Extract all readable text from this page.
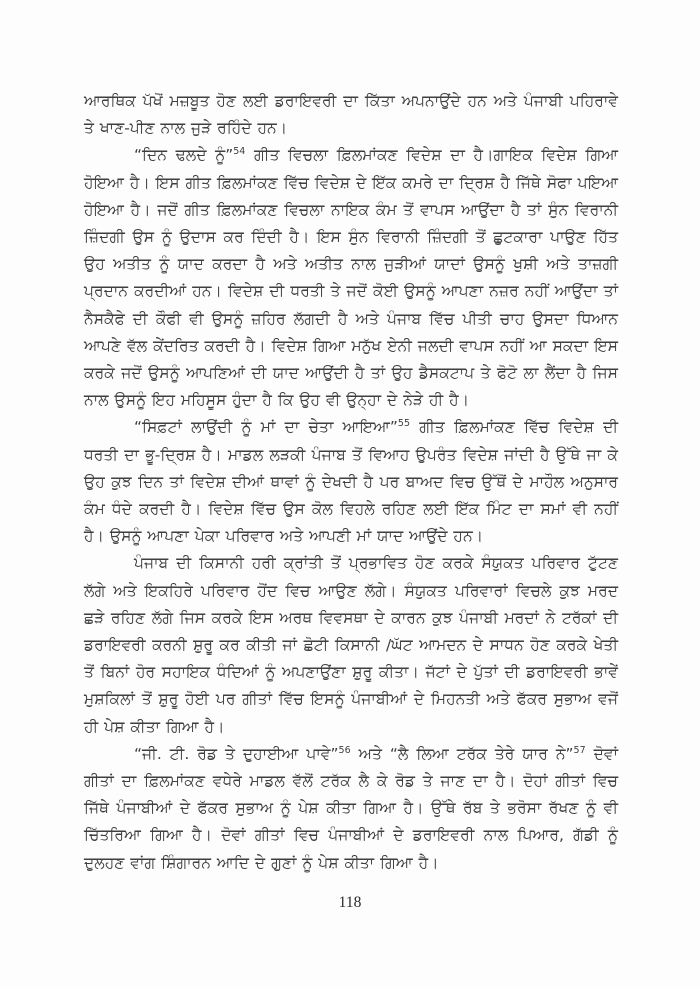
ਆਰਥਿਕ ਪੱਖੋਂ ਮਜ਼ਬੂਤ ਹੋਣ ਲਈ ਡਰਾਇਵਰੀ ਦਾ ਕਿੱਤਾ ਅਪਨਾਉਂਦੇ ਹਨ ਅਤੇ ਪੰਜਾਬੀ ਪਹਿਰਾਵੇ ਤੇ ਖਾਣ-ਪੀਣ ਨਾਲ ਜੁੜੇ ਰਹਿੰਦੇ ਹਨ।

“ਦਿਨ ਢਲਦੇ ਨੂੰ”$^{54}$ ਗੀਤ ਵਿਚਲਾ ਫ਼ਿਲਮਾਂਕਣ ਵਿਦੇਸ਼ ਦਾ ਹੈ।ਗਾਇਕ ਵਿਦੇਸ਼ ਗਿਆ ਹੋਇਆ ਹੈ। ਇਸ ਗੀਤ ਫ਼ਿਲਮਾਂਕਣ ਵਿੱਚ ਵਿਦੇਸ਼ ਦੇ ਇੱਕ ਕਮਰੇ ਦਾ ਦ੍ਰਿਸ਼ ਹੈ ਜਿੱਥੇ ਸੋਫਾ ਪਇਆ ਹੋਇਆ ਹੈ। ਜਦੋਂ ਗੀਤ ਫ਼ਿਲਮਾਂਕਣ ਵਿਚਲਾ ਨਾਇਕ ਕੰਮ ਤੋਂ ਵਾਪਸ ਆਉਂਦਾ ਹੈ ਤਾਂ ਸੁੰਨ ਵਿਰਾਨੀ ਜ਼ਿੰਦਗੀ ਉਸ ਨੂੰ ਉਦਾਸ ਕਰ ਦਿੰਦੀ ਹੈ। ਇਸ ਸੁੰਨ ਵਿਰਾਨੀ ਜ਼ਿੰਦਗੀ ਤੋਂ ਛੁਟਕਾਰਾ ਪਾਉਣ ਹਿੱਤ ਉਹ ਅਤੀਤ ਨੂੰ ਯਾਦ ਕਰਦਾ ਹੈ ਅਤੇ ਅਤੀਤ ਨਾਲ ਜੁੜੀਆਂ ਯਾਦਾਂ ਉਸਨੂੰ ਖੁਸ਼ੀ ਅਤੇ ਤਾਜ਼ਗੀ ਪ੍ਰਦਾਨ ਕਰਦੀਆਂ ਹਨ। ਵਿਦੇਸ਼ ਦੀ ਧਰਤੀ ਤੇ ਜਦੋਂ ਕੋਈ ਉਸਨੂੰ ਆਪਣਾ ਨਜ਼ਰ ਨਹੀਂ ਆਉਂਦਾ ਤਾਂ ਨੈਸਕੈਫੇ ਦੀ ਕੌਫੀ ਵੀ ਉਸਨੂੰ ਜ਼ਹਿਰ ਲੱਗਦੀ ਹੈ ਅਤੇ ਪੰਜਾਬ ਵਿੱਚ ਪੀਤੀ ਚਾਹ ਉਸਦਾ ਧਿਆਨ ਆਪਣੇ ਵੱਲ ਕੇਂਦਰਿਤ ਕਰਦੀ ਹੈ। ਵਿਦੇਸ਼ ਗਿਆ ਮਨੁੱਖ ਏਨੀ ਜਲਦੀ ਵਾਪਸ ਨਹੀਂ ਆ ਸਕਦਾ ਇਸ ਕਰਕੇ ਜਦੋਂ ਉਸਨੂੰ ਆਪਣਿਆਂ ਦੀ ਯਾਦ ਆਉਂਦੀ ਹੈ ਤਾਂ ਉਹ ਡੈਸਕਟਾਪ ਤੇ ਫੋਟੋ ਲਾ ਲੈਂਦਾ ਹੈ ਜਿਸ ਨਾਲ ਉਸਨੂੰ ਇਹ ਮਹਿਸੂਸ ਹੁੰਦਾ ਹੈ ਕਿ ਉਹ ਵੀ ਉਨ੍ਹਾ ਦੇ ਨੇੜੇ ਹੀ ਹੈ।

“ਸਿਫ਼ਟਾਂ ਲਾਉਂਦੀ ਨੂੰ ਮਾਂ ਦਾ ਚੇਤਾ ਆਇਆ”$^{55}$ ਗੀਤ ਫ਼ਿਲਮਾਂਕਣ ਵਿੱਚ ਵਿਦੇਸ਼ ਦੀ ਧਰਤੀ ਦਾ ਭੂ-ਦ੍ਰਿਸ਼ ਹੈ। ਮਾਡਲ ਲੜਕੀ ਪੰਜਾਬ ਤੋਂ ਵਿਆਹ ਉਪਰੰਤ ਵਿਦੇਸ਼ ਜਾਂਦੀ ਹੈ ਉੱਥੇ ਜਾ ਕੇ ਉਹ ਕੁਝ ਦਿਨ ਤਾਂ ਵਿਦੇਸ਼ ਦੀਆਂ ਥਾਵਾਂ ਨੂੰ ਦੇਖਦੀ ਹੈ ਪਰ ਬਾਅਦ ਵਿਚ ਉੱਥੋਂ ਦੇ ਮਾਹੌਲ ਅਨੁਸਾਰ ਕੰਮ ਧੰਦੇ ਕਰਦੀ ਹੈ। ਵਿਦੇਸ਼ ਵਿੱਚ ਉਸ ਕੋਲ ਵਿਹਲੇ ਰਹਿਣ ਲਈ ਇੱਕ ਮਿੰਟ ਦਾ ਸਮਾਂ ਵੀ ਨਹੀਂ ਹੈ। ਉਸਨੂੰ ਆਪਣਾ ਪੇਕਾ ਪਰਿਵਾਰ ਅਤੇ ਆਪਣੀ ਮਾਂ ਯਾਦ ਆਉਂਦੇ ਹਨ।

ਪੰਜਾਬ ਦੀ ਕਿਸਾਨੀ ਹਰੀ ਕ੍ਰਾਂਤੀ ਤੋਂ ਪ੍ਰਭਾਵਿਤ ਹੋਣ ਕਰਕੇ ਸੰਯੁਕਤ ਪਰਿਵਾਰ ਟੁੱਟਣ ਲੱਗੇ ਅਤੇ ਇਕਹਿਰੇ ਪਰਿਵਾਰ ਹੋਂਦ ਵਿਚ ਆਉਣ ਲੱਗੇ। ਸੰਯੁਕਤ ਪਰਿਵਾਰਾਂ ਵਿਚਲੇ ਕੁਝ ਮਰਦ ਛੜੇ ਰਹਿਣ ਲੱਗੇ ਜਿਸ ਕਰਕੇ ਇਸ ਅਰਥ ਵਿਵਸਥਾ ਦੇ ਕਾਰਨ ਕੁਝ ਪੰਜਾਬੀ ਮਰਦਾਂ ਨੇ ਟਰੱਕਾਂ ਦੀ ਡਰਾਇਵਰੀ ਕਰਨੀ ਸ਼ੁਰੂ ਕਰ ਕੀਤੀ ਜਾਂ ਛੋਟੀ ਕਿਸਾਨੀ /ਘੱਟ ਆਮਦਨ ਦੇ ਸਾਧਨ ਹੋਣ ਕਰਕੇ ਖੇਤੀ ਤੋਂ ਬਿਨਾਂ ਹੋਰ ਸਹਾਇਕ ਧੰਦਿਆਂ ਨੂੰ ਅਪਣਾਉਂਣਾ ਸ਼ੁਰੂ ਕੀਤਾ। ਜੱਟਾਂ ਦੇ ਪੁੱਤਾਂ ਦੀ ਡਰਾਇਵਰੀ ਭਾਵੇਂ ਮੁਸ਼ਕਿਲਾਂ ਤੋਂ ਸ਼ੁਰੂ ਹੋਈ ਪਰ ਗੀਤਾਂ ਵਿੱਚ ਇਸਨੂੰ ਪੰਜਾਬੀਆਂ ਦੇ ਮਿਹਨਤੀ ਅਤੇ ਫੱਕਰ ਸੁਭਾਅ ਵਜੋਂ ਹੀ ਪੇਸ਼ ਕੀਤਾ ਗਿਆ ਹੈ।

“ਜੀ. ਟੀ. ਰੋਡ ਤੇ ਦੁਹਾਈਆ ਪਾਵੇ”$^{56}$ ਅਤੇ “ਲੈ ਲਿਆ ਟਰੱਕ ਤੇਰੇ ਯਾਰ ਨੇ”$^{57}$ ਦੋਵਾਂ ਗੀਤਾਂ ਦਾ ਫ਼ਿਲਮਾਂਕਣ ਵਧੇਰੇ ਮਾਡਲ ਵੱਲੋਂ ਟਰੱਕ ਲੈ ਕੇ ਰੋਡ ਤੇ ਜਾਣ ਦਾ ਹੈ। ਦੋਹਾਂ ਗੀਤਾਂ ਵਿਚ ਜਿੱਥੇ ਪੰਜਾਬੀਆਂ ਦੇ ਫੱਕਰ ਸੁਭਾਅ ਨੂੰ ਪੇਸ਼ ਕੀਤਾ ਗਿਆ ਹੈ। ਉੱਥੇ ਰੱਬ ਤੇ ਭਰੋਸਾ ਰੱਖਣ ਨੂੰ ਵੀ ਚਿੱਤਰਿਆ ਗਿਆ ਹੈ। ਦੋਵਾਂ ਗੀਤਾਂ ਵਿਚ ਪੰਜਾਬੀਆਂ ਦੇ ਡਰਾਇਵਰੀ ਨਾਲ ਪਿਆਰ, ਗੱਡੀ ਨੂੰ ਦੁਲਹਣ ਵਾਂਗ ਸ਼ਿੰਗਾਰਨ ਆਦਿ ਦੇ ਗੁਣਾਂ ਨੂੰ ਪੇਸ਼ ਕੀਤਾ ਗਿਆ ਹੈ।

118
